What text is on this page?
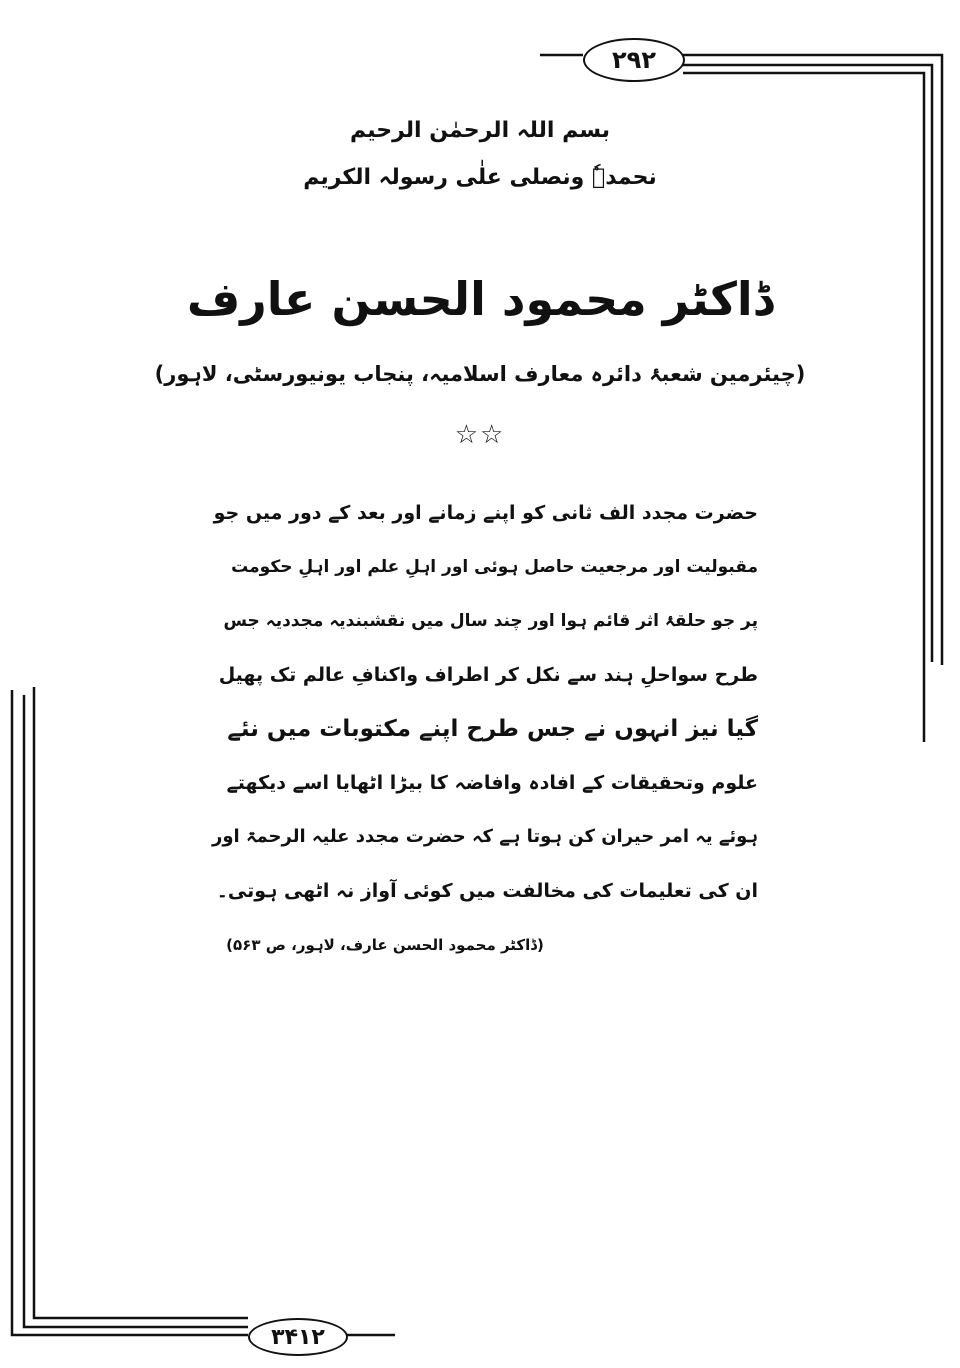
۲۹۲
۳۴۱۲
بسم اللہ الرحمٰن الرحیم
نحمدہٗ ونصلی علٰی رسولہ الکریم
ڈاکٹر محمود الحسن عارف
(چیئرمین شعبۂ دائرہ معارف اسلامیہ، پنجاب یونیورسٹی، لاہور)
☆☆
حضرت مجدد الف ثانی کو اپنے زمانے اور بعد کے دور میں جو
مقبولیت اور مرجعیت حاصل ہوئی اور اہلِ علم اور اہلِ حکومت
پر جو حلقۂ اثر قائم ہوا اور چند سال میں نقشبندیہ مجددیہ جس
طرح سواحلِ ہند سے نکل کر اطراف واکنافِ عالم تک پھیل
گیا نیز انہوں نے جس طرح اپنے مکتوبات میں نئے
علوم وتحقیقات کے افادہ وافاضہ کا بیڑا اٹھایا اسے دیکھتے
ہوئے یہ امر حیران کن ہوتا ہے کہ حضرت مجدد علیہ الرحمۃ اور
ان کی تعلیمات کی مخالفت میں کوئی آواز نہ اٹھی ہوتی۔
(ڈاکٹر محمود الحسن عارف، لاہور، ص ۵۶۳)
